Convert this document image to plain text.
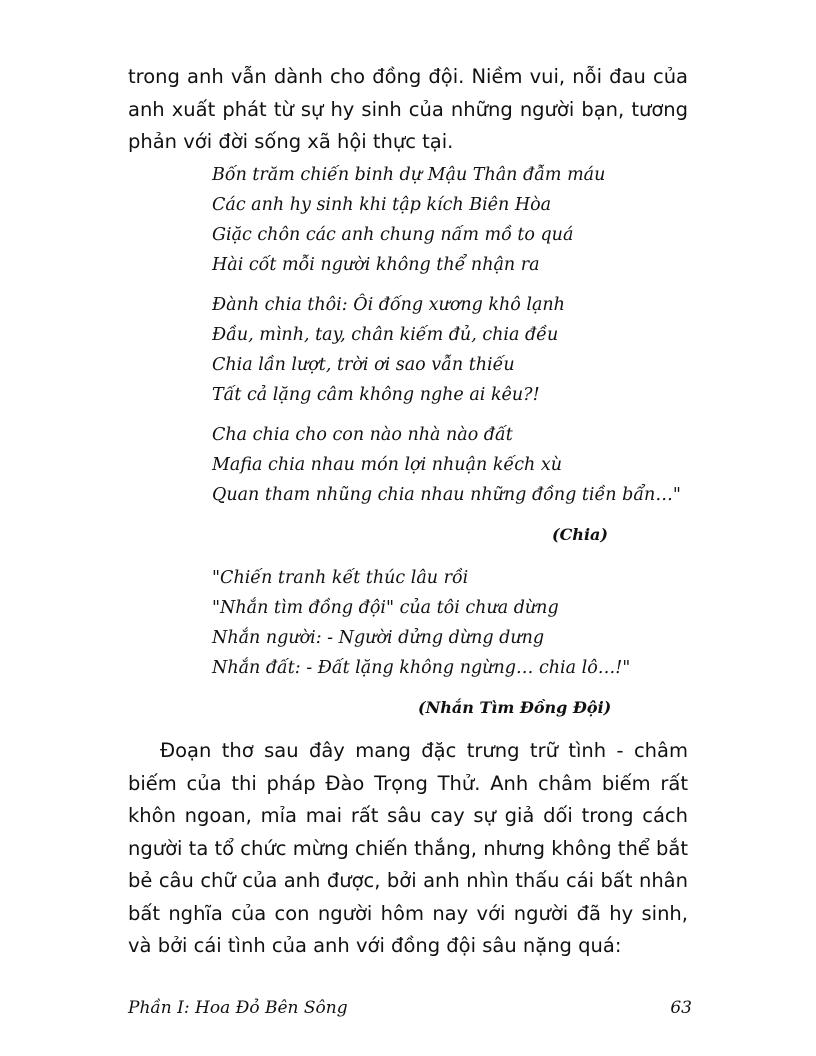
trong anh vẫn dành cho đồng đội. Niềm vui, nỗi đau của anh xuất phát từ sự hy sinh của những người bạn, tương phản với đời sống xã hội thực tại.

Bốn trăm chiến binh dự Mậu Thân đẫm máu
Các anh hy sinh khi tập kích Biên Hòa
Giặc chôn các anh chung nấm mồ to quá
Hài cốt mỗi người không thể nhận ra
Đành chia thôi: Ôi đống xương khô lạnh
Đầu, mình, tay, chân kiếm đủ, chia đều
Chia lần lượt, trời ơi sao vẫn thiếu
Tất cả lặng câm không nghe ai kêu?!
Cha chia cho con nào nhà nào đất
Mafia chia nhau món lợi nhuận kếch xù
Quan tham nhũng chia nhau những đồng tiền bẩn…"
(Chia)
"Chiến tranh kết thúc lâu rồi
"Nhắn tìm đồng đội" của tôi chưa dừng
Nhắn người: - Người dửng dừng dưng
Nhắn đất: - Đất lặng không ngừng… chia lô…!"
(Nhắn Tìm Đồng Đội)

Đoạn thơ sau đây mang đặc trưng trữ tình - châm biếm của thi pháp Đào Trọng Thử. Anh châm biếm rất khôn ngoan, mỉa mai rất sâu cay sự giả dối trong cách người ta tổ chức mừng chiến thắng, nhưng không thể bắt bẻ câu chữ của anh được, bởi anh nhìn thấu cái bất nhân bất nghĩa của con người hôm nay với người đã hy sinh, và bởi cái tình của anh với đồng đội sâu nặng quá:

Phần I: Hoa Đỏ Bên Sông	63
